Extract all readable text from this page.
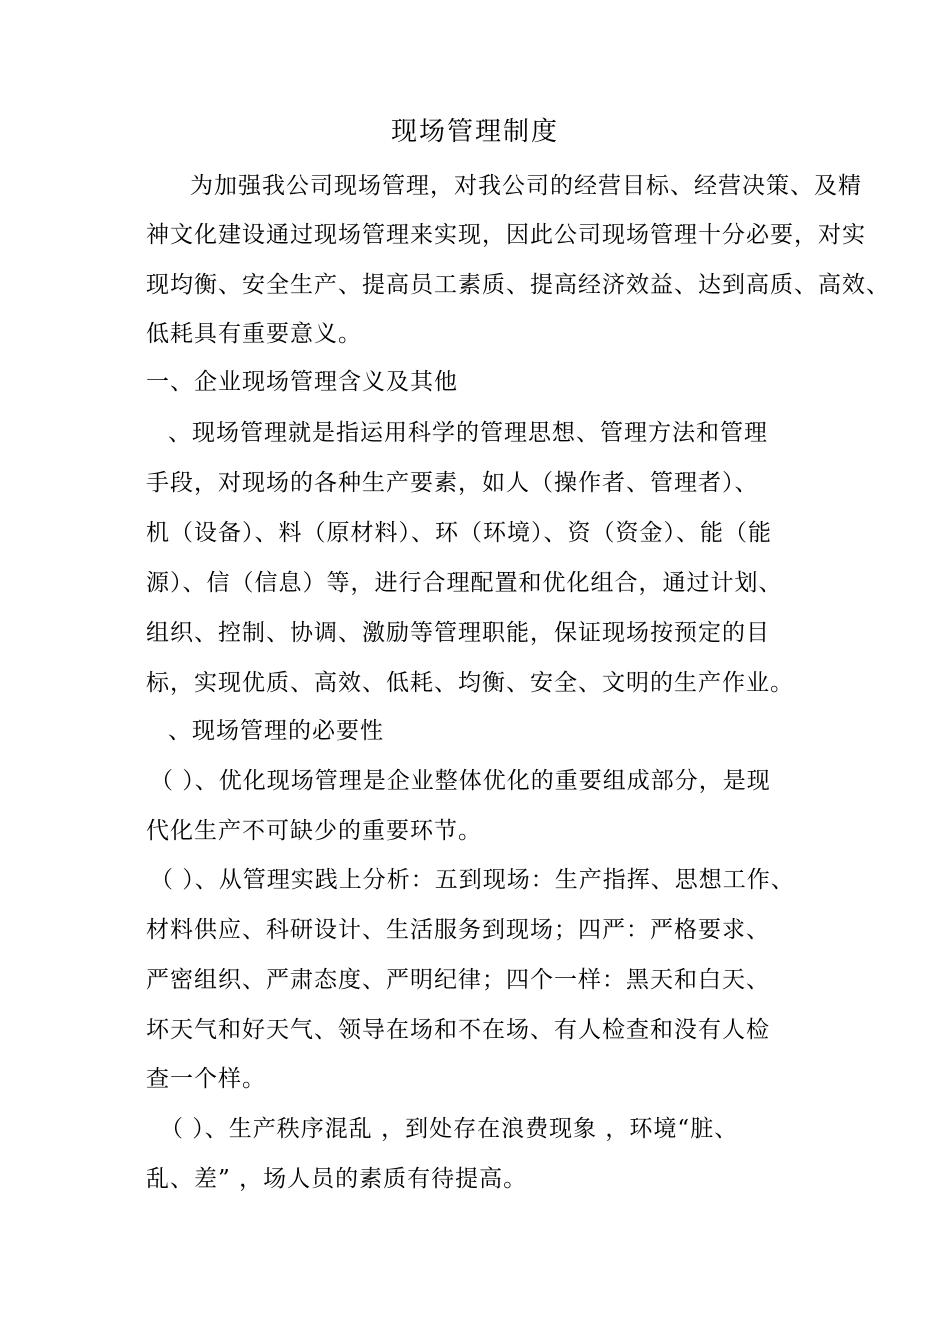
现场管理制度
为加强我公司现场管理，对我公司的经营目标、经营决策、及精
神文化建设通过现场管理来实现，因此公司现场管理十分必要，对实
现均衡、安全生产、提高员工素质、提高经济效益、达到高质、高效、
低耗具有重要意义。
一、企业现场管理含义及其他
、现场管理就是指运用科学的管理思想、管理方法和管理
手段，对现场的各种生产要素，如人（操作者、管理者）、
机（设备）、料（原材料）、环（环境）、资（资金）、能（能
源）、信（信息）等，进行合理配置和优化组合，通过计划、
组织、控制、协调、激励等管理职能，保证现场按预定的目
标，实现优质、高效、低耗、均衡、安全、文明的生产作业。
、现场管理的必要性
（ ）、优化现场管理是企业整体优化的重要组成部分，是现
代化生产不可缺少的重要环节。
（ ）、从管理实践上分析：五到现场：生产指挥、思想工作、
材料供应、科研设计、生活服务到现场；四严：严格要求、
严密组织、严肃态度、严明纪律；四个一样：黑天和白天、
坏天气和好天气、领导在场和不在场、有人检查和没有人检
查一个样。
（ ）、生产秩序混乱 ，到处存在浪费现象 ，环境“脏、
乱、差” ，场人员的素质有待提高。
